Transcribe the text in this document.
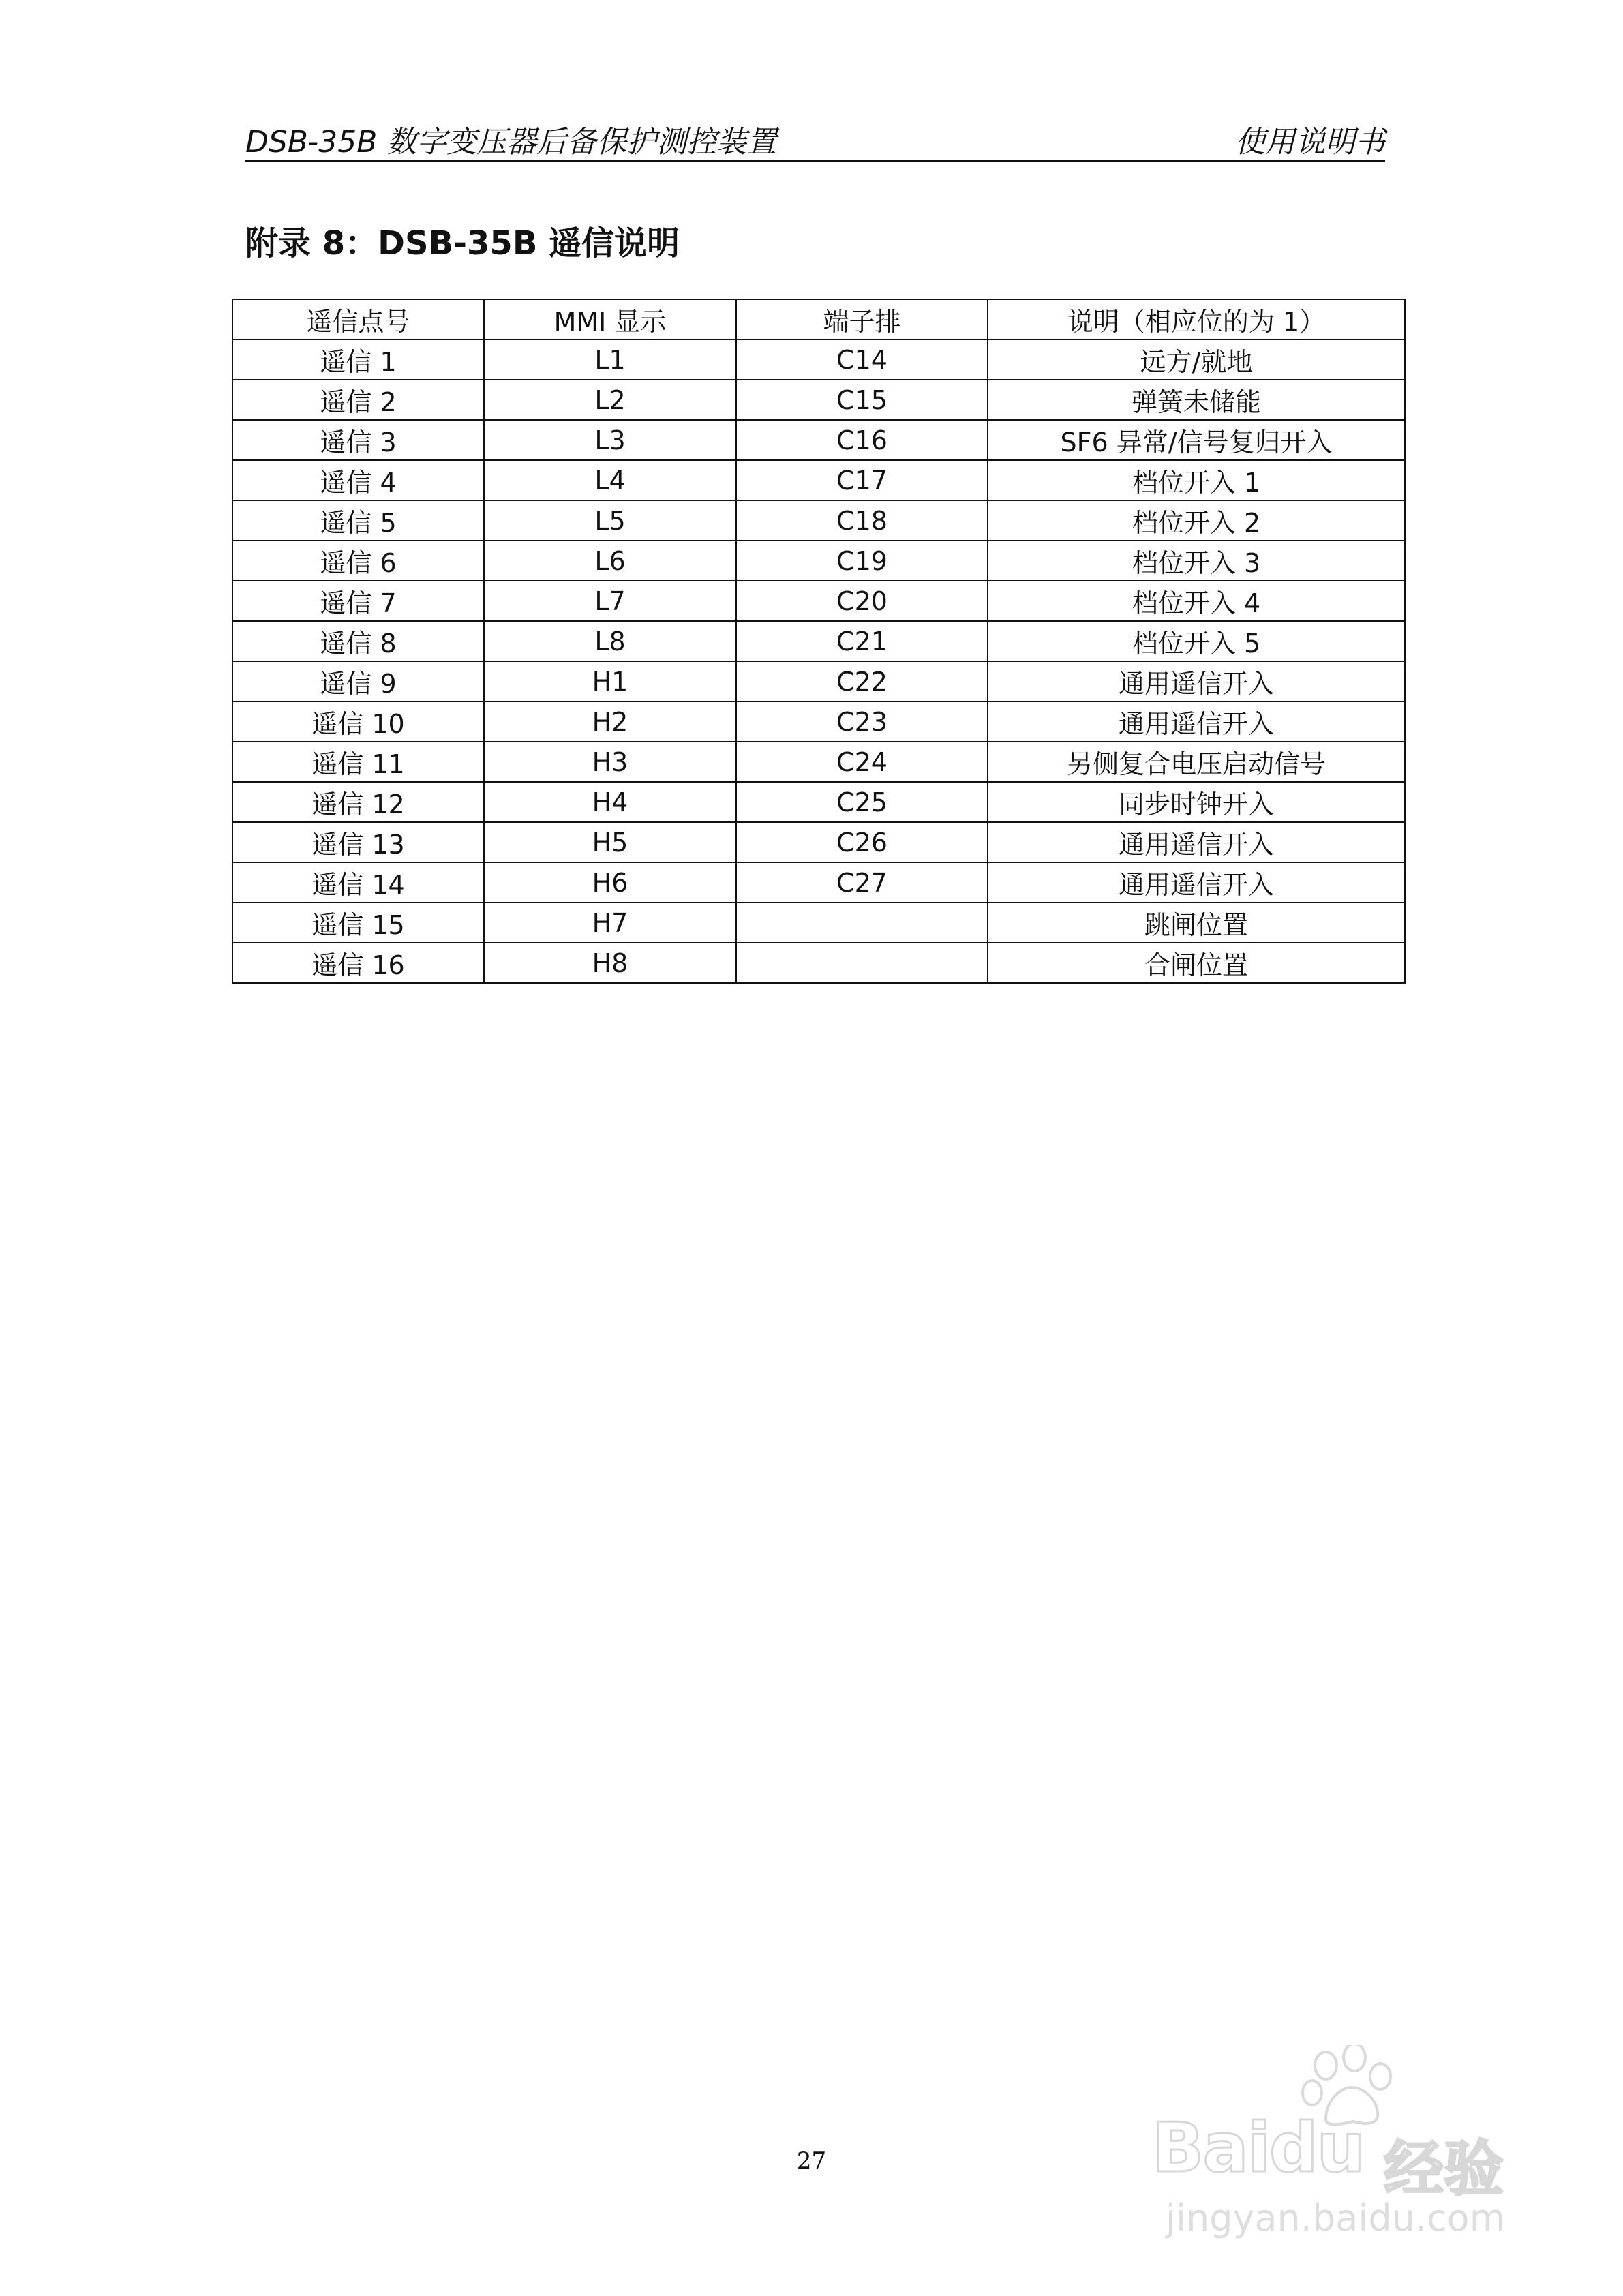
DSB-35B 数字变压器后备保护测控装置	使用说明书
附录 8：DSB-35B 遥信说明
遥信点号	MMI 显示	端子排	说明（相应位的为 1）
遥信 1	L1	C14	远方/就地
遥信 2	L2	C15	弹簧未储能
遥信 3	L3	C16	SF6 异常/信号复归开入
遥信 4	L4	C17	档位开入 1
遥信 5	L5	C18	档位开入 2
遥信 6	L6	C19	档位开入 3
遥信 7	L7	C20	档位开入 4
遥信 8	L8	C21	档位开入 5
遥信 9	H1	C22	通用遥信开入
遥信 10	H2	C23	通用遥信开入
遥信 11	H3	C24	另侧复合电压启动信号
遥信 12	H4	C25	同步时钟开入
遥信 13	H5	C26	通用遥信开入
遥信 14	H6	C27	通用遥信开入
遥信 15	H7		跳闸位置
遥信 16	H8		合闸位置
27	Baidu 经验
jingyan.baidu.com
